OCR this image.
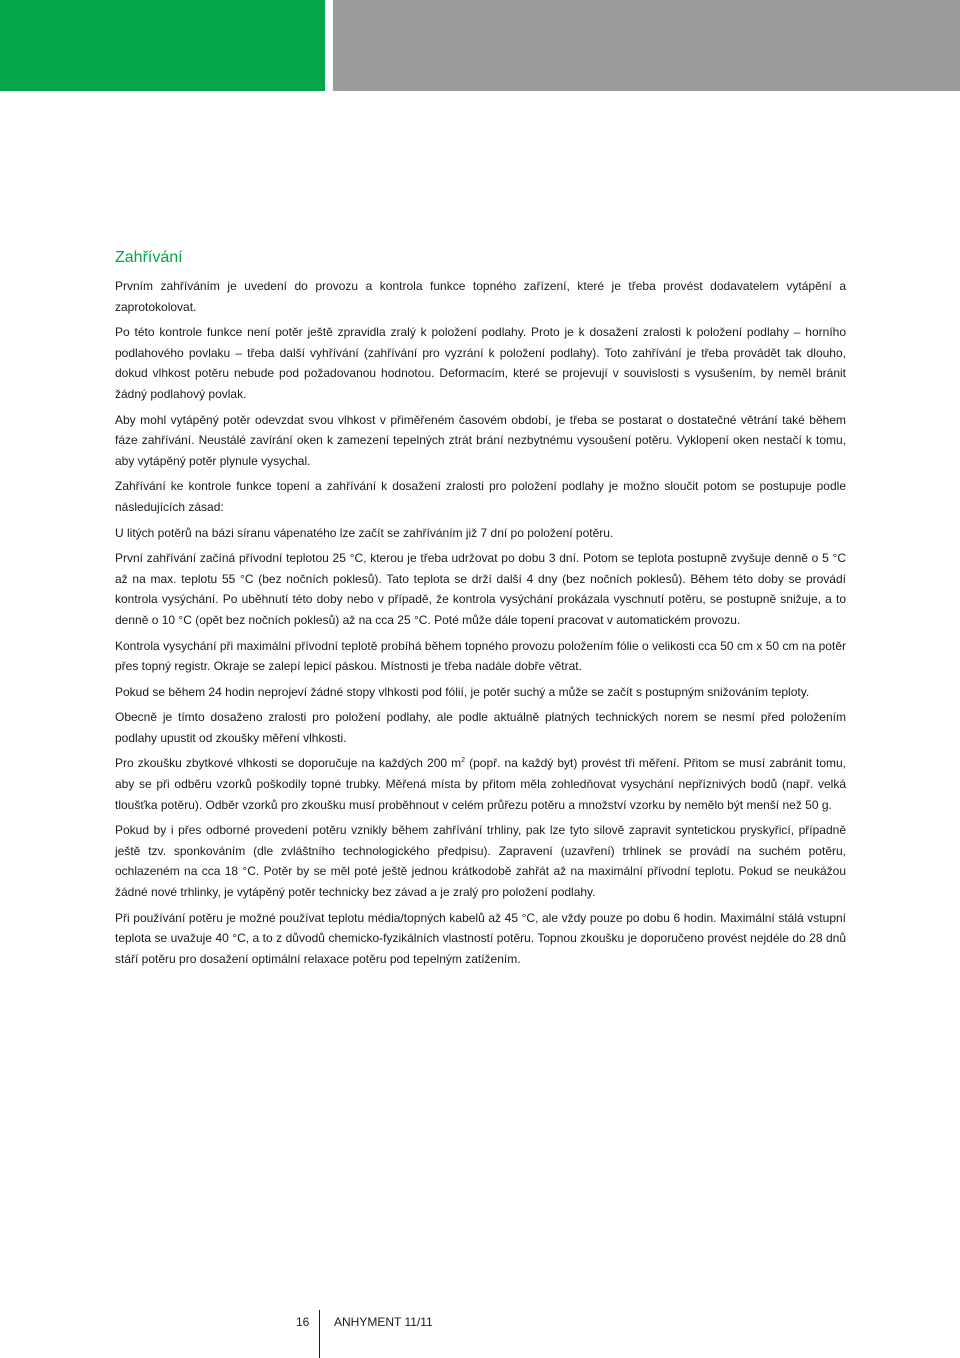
Zahřívání

Prvním zahříváním je uvedení do provozu a kontrola funkce topného zařízení, které je třeba provést dodavatelem vytápění a zaprotokolovat.

Po této kontrole funkce není potěr ještě zpravidla zralý k položení podlahy. Proto je k dosažení zralosti k položení podlahy – horního podlahového povlaku – třeba další vyhřívání (zahřívání pro vyzrání k položení podlahy). Toto zahřívání je třeba provádět tak dlouho, dokud vlhkost potěru nebude pod požadovanou hodnotou. Deformacím, které se projevují v souvislosti s vysušením, by neměl bránit žádný podlahový povlak.

Aby mohl vytápěný potěr odevzdat svou vlhkost v přiměřeném časovém období, je třeba se postarat o dostatečné větrání také během fáze zahřívání. Neustálé zavírání oken k zamezení tepelných ztrát brání nezbytnému vysoušení potěru. Vyklopení oken nestačí k tomu, aby vytápěný potěr plynule vysychal.

Zahřívání ke kontrole funkce topení a zahřívání k dosažení zralosti pro položení podlahy je možno sloučit potom se postupuje podle následujících zásad:

U litých potěrů na bázi síranu vápenatého lze začít se zahříváním již 7 dní po položení potěru.

První zahřívání začíná přívodní teplotou 25 °C, kterou je třeba udržovat po dobu 3 dní. Potom se teplota postupně zvyšuje denně o 5 °C až na max. teplotu 55 °C (bez nočních poklesů). Tato teplota se drží další 4 dny (bez nočních poklesů). Během této doby se provádí kontrola vysýchání. Po uběhnutí této doby nebo v případě, že kontrola vysýchání prokázala vyschnutí potěru, se postupně snižuje, a to denně o 10 °C (opět bez nočních poklesů) až na cca 25 °C. Poté může dále topení pracovat v automatickém provozu.

Kontrola vysychání při maximální přívodní teplotě probíhá během topného provozu položením fólie o velikosti cca 50 cm x 50 cm na potěr přes topný registr. Okraje se zalepí lepicí páskou. Místnosti je třeba nadále dobře větrat.

Pokud se během 24 hodin neprojeví žádné stopy vlhkosti pod fólií, je potěr suchý a může se začít s postupným snižováním teploty.

Obecně je tímto dosaženo zralosti pro položení podlahy, ale podle aktuálně platných technických norem se nesmí před položením podlahy upustit od zkoušky měření vlhkosti.

Pro zkoušku zbytkové vlhkosti se doporučuje na každých 200 $m^2$ (popř. na každý byt) provést tři měření. Přitom se musí zabránit tomu, aby se při odběru vzorků poškodily topné trubky. Měřená místa by přitom měla zohledňovat vysychání nepříznivých bodů (např. velká tloušťka potěru). Odběr vzorků pro zkoušku musí proběhnout v celém průřezu potěru a množství vzorku by nemělo být menší než 50 g.

Pokud by i přes odborné provedení potěru vznikly během zahřívání trhliny, pak lze tyto silově zapravit syntetickou pryskyřicí, případně ještě tzv. sponkováním (dle zvláštního technologického předpisu). Zapravení (uzavření) trhlinek se provádí na suchém potěru, ochlazeném na cca 18 °C. Potěr by se měl poté ještě jednou krátkodobě zahřát až na maximální přívodní teplotu. Pokud se neukážou žádné nové trhlinky, je vytápěný potěr technicky bez závad a je zralý pro položení podlahy.

Při používání potěru je možné používat teplotu média/topných kabelů až 45 °C, ale vždy pouze po dobu 6 hodin. Maximální stálá vstupní teplota se uvažuje 40 °C, a to z důvodů chemicko-fyzikálních vlastností potěru. Topnou zkoušku je doporučeno provést nejdéle do 28 dnů stáří potěru pro dosažení optimální relaxace potěru pod tepelným zatížením.

16 ANHYMENT 11/11
